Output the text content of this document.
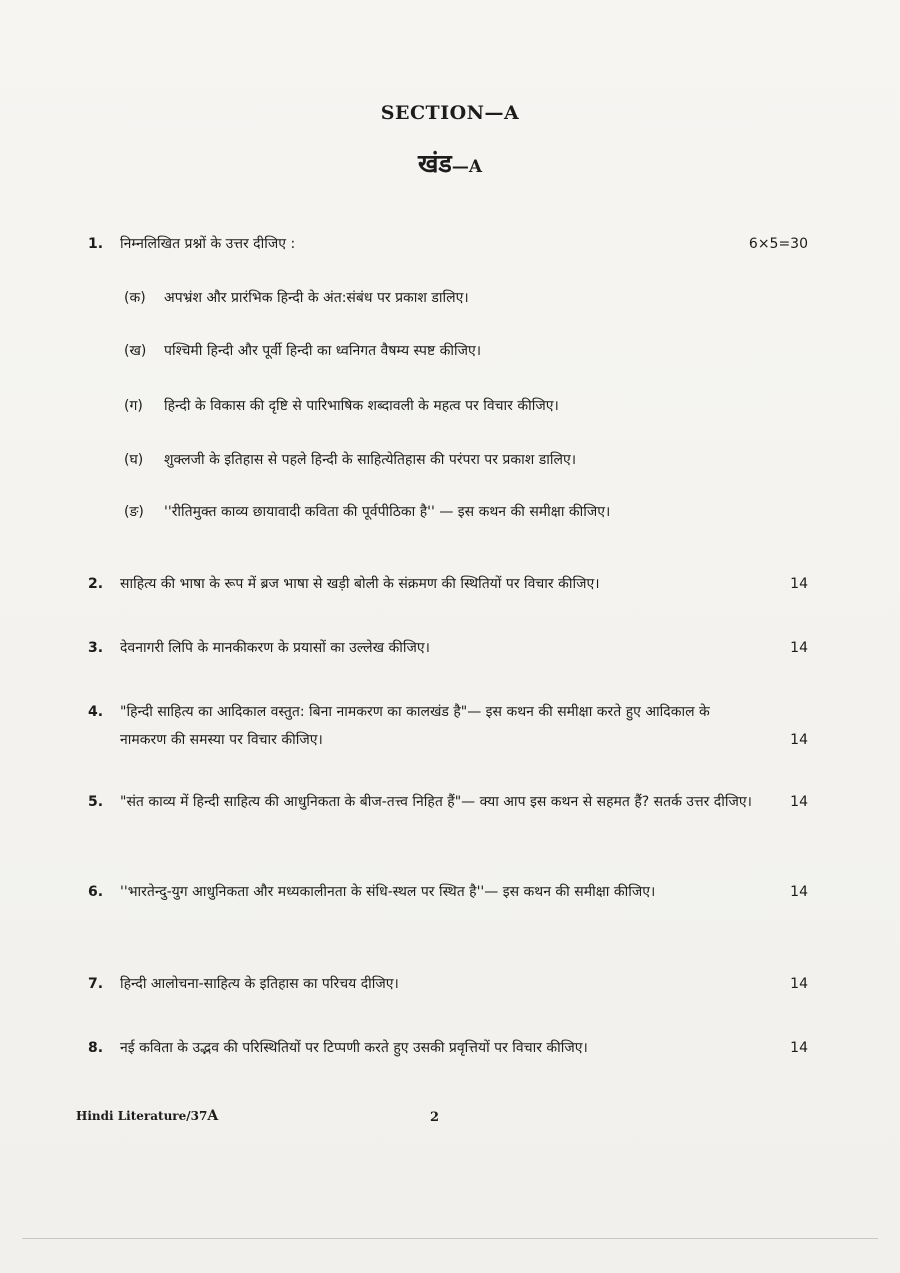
SECTION—A
खंड—A
1. निम्नलिखित प्रश्नों के उत्तर दीजिए :	6×5=30
(क) अपभ्रंश और प्रारंभिक हिन्दी के अंत:संबंध पर प्रकाश डालिए।
(ख) पश्चिमी हिन्दी और पूर्वी हिन्दी का ध्वनिगत वैषम्य स्पष्ट कीजिए।
(ग) हिन्दी के विकास की दृष्टि से पारिभाषिक शब्दावली के महत्व पर विचार कीजिए।
(घ) शुक्लजी के इतिहास से पहले हिन्दी के साहित्येतिहास की परंपरा पर प्रकाश डालिए।
(ङ) ''रीतिमुक्त काव्य छायावादी कविता की पूर्वपीठिका है'' — इस कथन की समीक्षा कीजिए।
2. साहित्य की भाषा के रूप में ब्रज भाषा से खड़ी बोली के संक्रमण की स्थितियों पर विचार कीजिए।	14
3. देवनागरी लिपि के मानकीकरण के प्रयासों का उल्लेख कीजिए।	14
4. "हिन्दी साहित्य का आदिकाल वस्तुत: बिना नामकरण का कालखंड है"— इस कथन की समीक्षा करते हुए आदिकाल के नामकरण की समस्या पर विचार कीजिए।	14
5. "संत काव्य में हिन्दी साहित्य की आधुनिकता के बीज-तत्त्व निहित हैं"— क्या आप इस कथन से सहमत हैं? सतर्क उत्तर दीजिए।	14
6. ''भारतेन्दु-युग आधुनिकता और मध्यकालीनता के संधि-स्थल पर स्थित है''— इस कथन की समीक्षा कीजिए।	14
7. हिन्दी आलोचना-साहित्य के इतिहास का परिचय दीजिए।	14
8. नई कविता के उद्भव की परिस्थितियों पर टिप्पणी करते हुए उसकी प्रवृत्तियों पर विचार कीजिए।	14
Hindi Literature/37A	2
